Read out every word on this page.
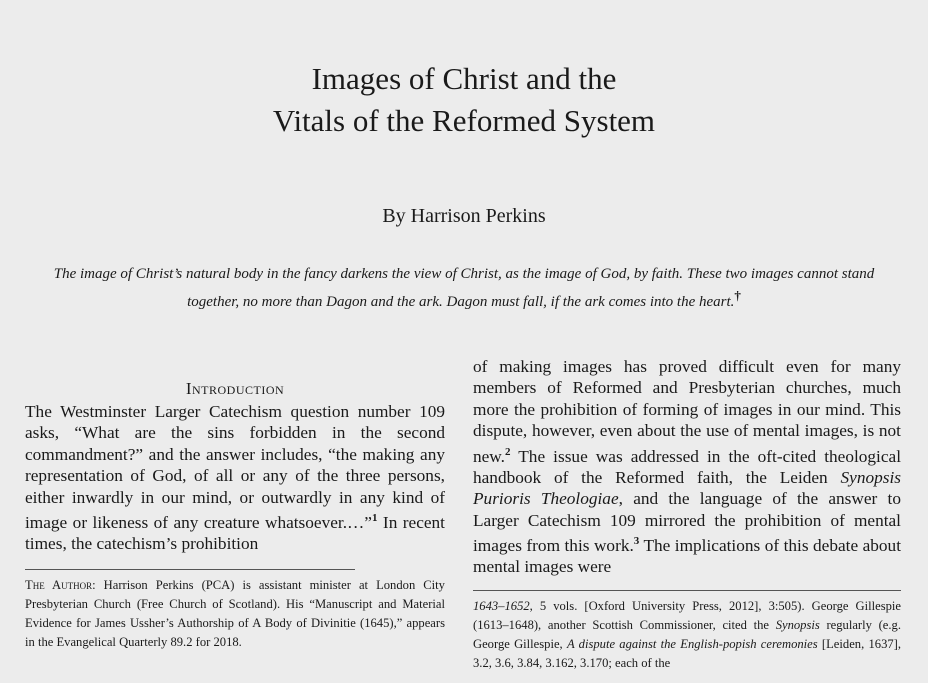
Images of Christ and the
Vitals of the Reformed System
By Harrison Perkins
The image of Christ’s natural body in the fancy darkens the view of Christ, as the image of God, by faith. These two images cannot stand together, no more than Dagon and the ark. Dagon must fall, if the ark comes into the heart.†
Introduction

The Westminster Larger Catechism question number 109 asks, “What are the sins forbidden in the second commandment?” and the answer includes, “the making any representation of God, of all or any of the three persons, either inwardly in our mind, or outwardly in any kind of image or likeness of any creature whatsoever.…”$^1$ In recent times, the catechism’s prohibition

The Author: Harrison Perkins (PCA) is assistant minister at London City Presbyterian Church (Free Church of Scotland). His “Manuscript and Material Evidence for James Ussher’s Authorship of A Body of Divinitie (1645),” appears in the Evangelical Quarterly 89.2 for 2018.

of making images has proved difficult even for many members of Reformed and Presbyterian churches, much more the prohibition of forming of images in our mind. This dispute, however, even about the use of mental images, is not new.$^2$ The issue was addressed in the oft-cited theological handbook of the Reformed faith, the Leiden Synopsis Purioris Theologiae, and the language of the answer to Larger Catechism 109 mirrored the prohibition of mental images from this work.$^3$ The implications of this debate about mental images were

1643–1652, 5 vols. [Oxford University Press, 2012], 3:505). George Gillespie (1613–1648), another Scottish Commissioner, cited the Synopsis regularly (e.g. George Gillespie, A dispute against the English-popish ceremonies [Leiden, 1637], 3.2, 3.6, 3.84, 3.162, 3.170; each of the
